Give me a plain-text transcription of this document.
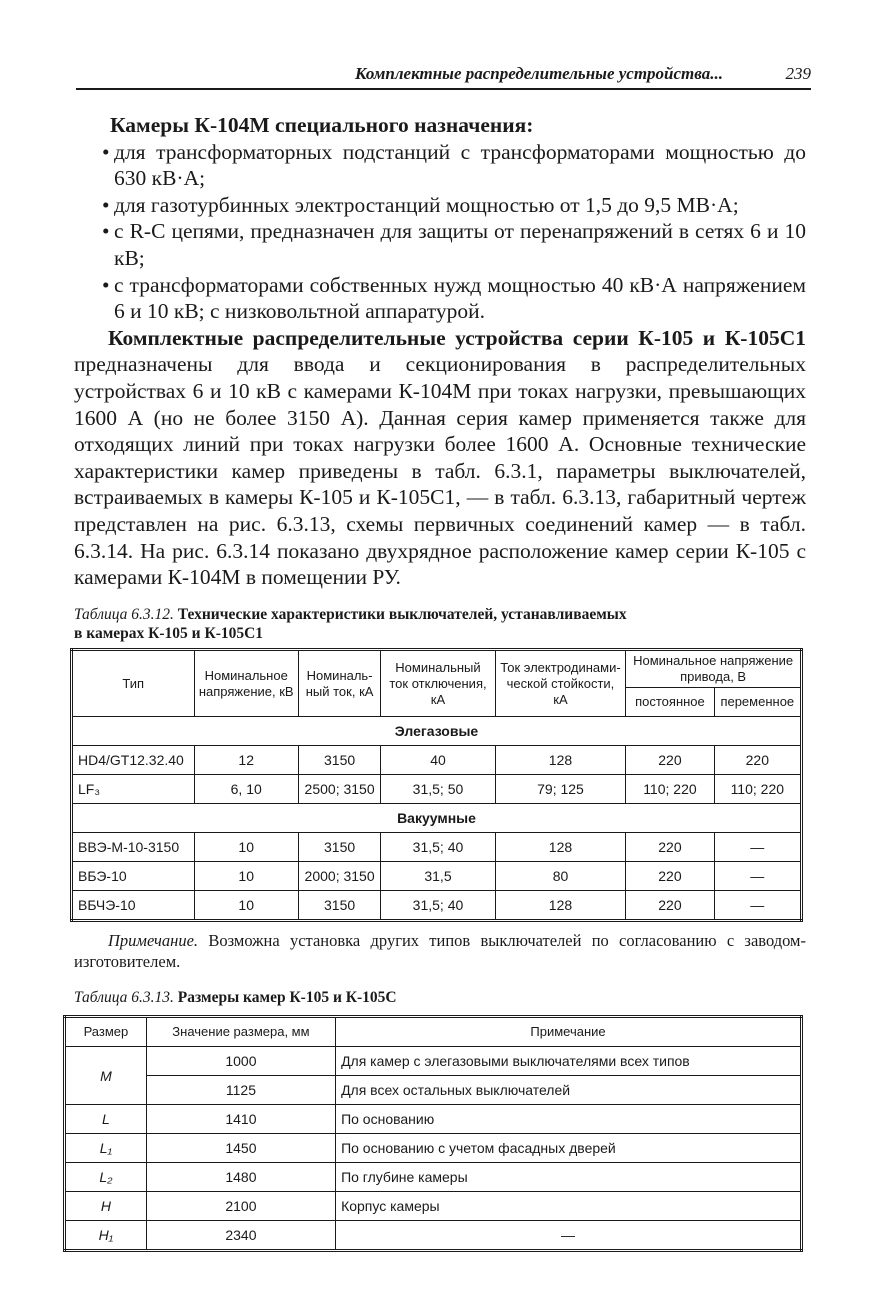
Комплектные распределительные устройства...	239
Камеры К-104М специального назначения:
• для трансформаторных подстанций с трансформаторами мощностью до 630 кВ·А;
• для газотурбинных электростанций мощностью от 1,5 до 9,5 МВ·А;
• с R-С цепями, предназначен для защиты от перенапряжений в сетях 6 и 10 кВ;
• с трансформаторами собственных нужд мощностью 40 кВ·А напряжением 6 и 10 кВ; с низковольтной аппаратурой.
Комплектные распределительные устройства серии К-105 и К-105С1 предназначены для ввода и секционирования в распределительных устройствах 6 и 10 кВ с камерами К-104М при токах нагрузки, превышающих 1600 А (но не более 3150 А). Данная серия камер применяется также для отходящих линий при токах нагрузки более 1600 А. Основные технические характеристики камер приведены в табл. 6.3.1, параметры выключателей, встраиваемых в камеры К-105 и К-105С1, — в табл. 6.3.13, габаритный чертеж представлен на рис. 6.3.13, схемы первичных соединений камер — в табл. 6.3.14. На рис. 6.3.14 показано двухрядное расположение камер серии К-105 с камерами К-104М в помещении РУ.
Таблица 6.3.12. Технические характеристики выключателей, устанавливаемых
в камерах К-105 и К-105С1
Тип	Номинальное напряжение, кВ	Номиналь-ный ток, кА	Номинальный ток отключения, кА	Ток электродинами-ческой стойкости, кА	Номинальное напряжение привода, В	
					постоянное	переменное
Элегазовые						
HD4/GT12.32.40	12	3150	40	128	220	220
LF₃	6, 10	2500; 3150	31,5; 50	79; 125	110; 220	110; 220
Вакуумные						
ВВЭ-М-10-3150	10	3150	31,5; 40	128	220	—
ВБЭ-10	10	2000; 3150	31,5	80	220	—
ВБЧЭ-10	10	3150	31,5; 40	128	220	—
Примечание. Возможна установка других типов выключателей по согласованию с заводом-изготовителем.
Таблица 6.3.13. Размеры камер К-105 и К-105С
Размер	Значение размера, мм	Примечание
M	1000	Для камер с элегазовыми выключателями всех типов
	1125	Для всех остальных выключателей
L	1410	По основанию
L₁	1450	По основанию с учетом фасадных дверей
L₂	1480	По глубине камеры
H	2100	Корпус камеры
H₁	2340	—
